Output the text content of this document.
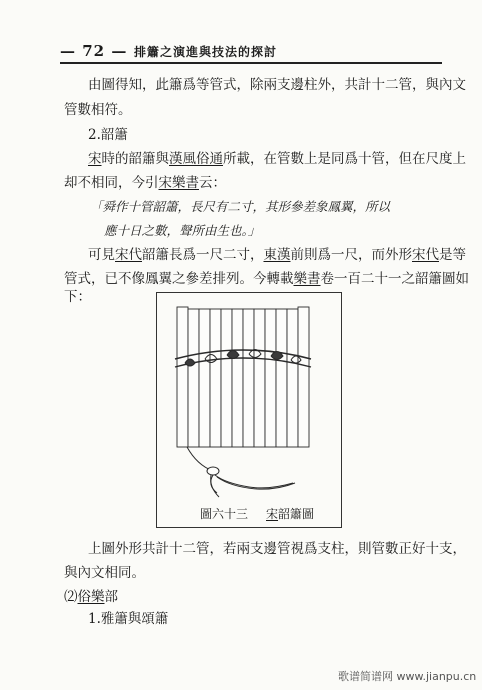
— 72 — 排簫之演進與技法的探討
由圖得知，此簫爲等管式，除兩支邊柱外，共計十二管，與內文
管數相符。
2.韶簫
宋時的韶簫與漢風俗通所載，在管數上是同爲十管，但在尺度上
却不相同，今引宋樂書云：
「舜作十管韶簫，長尺有二寸，其形參差象鳳翼，所以
應十日之數，聲所由生也。」
可見宋代韶簫長爲一尺二寸，東漢前則爲一尺，而外形宋代是等
管式，已不像鳳翼之參差排列。今轉載樂書卷一百二十一之韶簫圖如
下：
圖六十三 宋韶簫圖
上圖外形共計十二管，若兩支邊管視爲支柱，則管數正好十支，
與內文相同。
⑵俗樂部
1.雅簫與頌簫
歌谱简谱网 www.jianpu.cn
